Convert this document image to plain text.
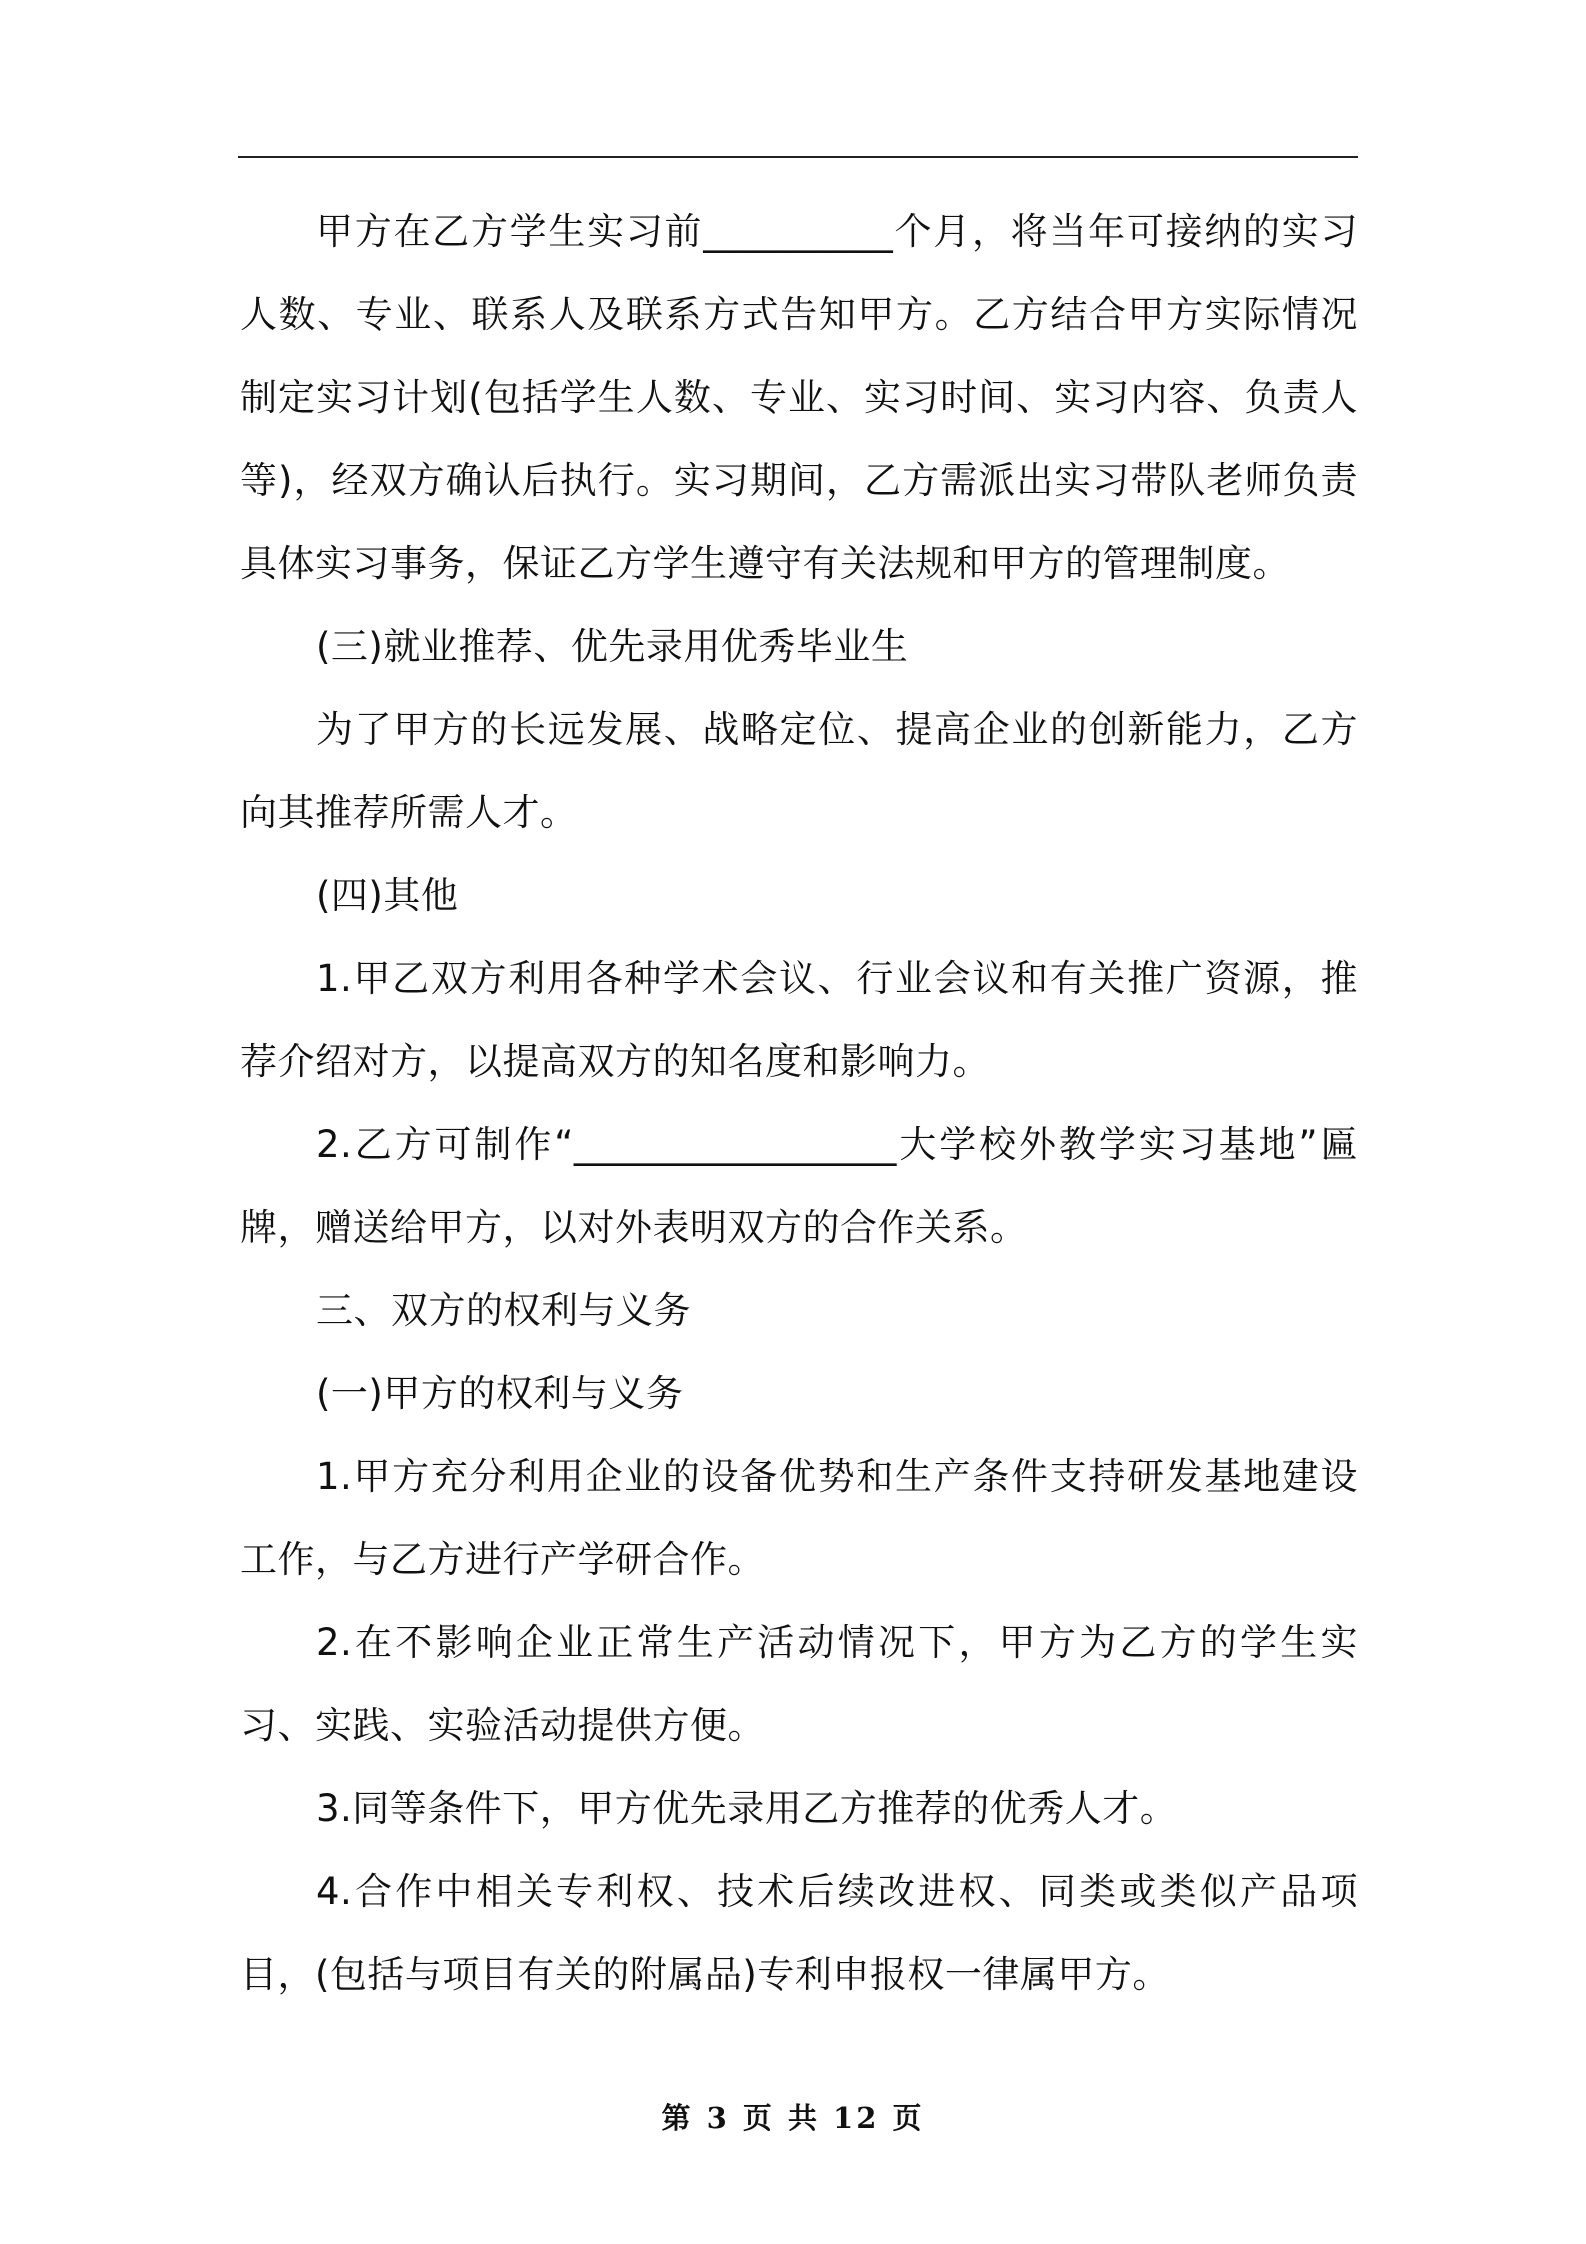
甲方在乙方学生实习前__________个月，将当年可接纳的实习人数、专业、联系人及联系方式告知甲方。乙方结合甲方实际情况制定实习计划(包括学生人数、专业、实习时间、实习内容、负责人等)，经双方确认后执行。实习期间，乙方需派出实习带队老师负责具体实习事务，保证乙方学生遵守有关法规和甲方的管理制度。

(三)就业推荐、优先录用优秀毕业生

为了甲方的长远发展、战略定位、提高企业的创新能力，乙方向其推荐所需人才。

(四)其他

1.甲乙双方利用各种学术会议、行业会议和有关推广资源，推荐介绍对方，以提高双方的知名度和影响力。

2.乙方可制作“_________________大学校外教学实习基地”匾牌，赠送给甲方，以对外表明双方的合作关系。

三、双方的权利与义务

(一)甲方的权利与义务

1.甲方充分利用企业的设备优势和生产条件支持研发基地建设工作，与乙方进行产学研合作。

2.在不影响企业正常生产活动情况下，甲方为乙方的学生实习、实践、实验活动提供方便。

3.同等条件下，甲方优先录用乙方推荐的优秀人才。

4.合作中相关专利权、技术后续改进权、同类或类似产品项目，(包括与项目有关的附属品)专利申报权一律属甲方。

第 3 页 共 12 页
